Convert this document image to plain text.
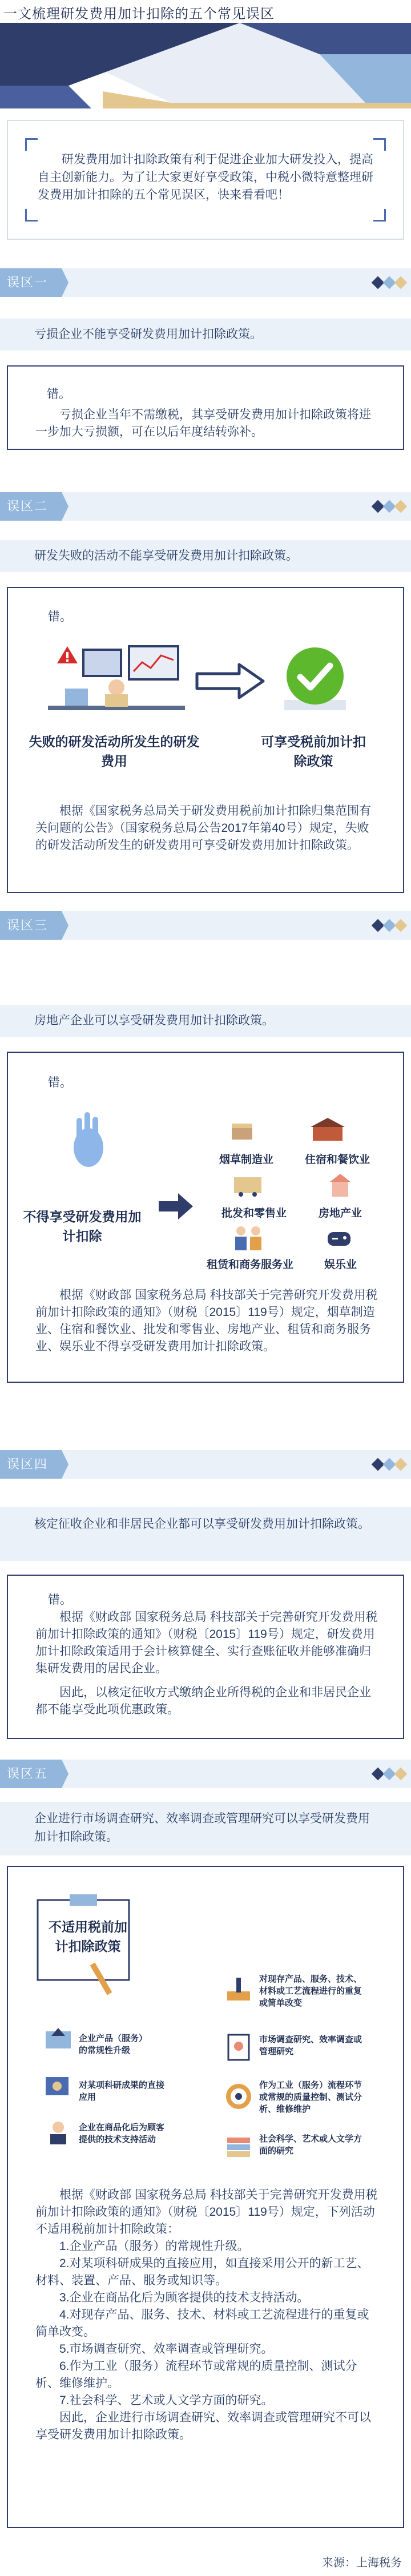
一文梳理研发费用加计扣除的五个常见误区
研发费用加计扣除政策有利于促进企业加大研发投入，提高自主创新能力。为了让大家更好享受政策，中税小微特意整理研发费用加计扣除的五个常见误区，快来看看吧！
误区一
亏损企业不能享受研发费用加计扣除政策。
错。
亏损企业当年不需缴税，其享受研发费用加计扣除政策将进一步加大亏损额，可在以后年度结转弥补。
误区二
研发失败的活动不能享受研发费用加计扣除政策。
错。
失败的研发活动所发生的研发费用
可享受税前加计扣除政策
根据《国家税务总局关于研发费用税前加计扣除归集范围有关问题的公告》（国家税务总局公告2017年第40号）规定，失败的研发活动所发生的研发费用可享受研发费用加计扣除政策。
误区三
房地产企业可以享受研发费用加计扣除政策。
错。
不得享受研发费用加计扣除
烟草制造业	住宿和餐饮业
批发和零售业	房地产业
租赁和商务服务业	娱乐业
根据《财政部 国家税务总局 科技部关于完善研究开发费用税前加计扣除政策的通知》（财税〔2015〕119号）规定，烟草制造业、住宿和餐饮业、批发和零售业、房地产业、租赁和商务服务业、娱乐业不得享受研发费用加计扣除政策。
误区四
核定征收企业和非居民企业都可以享受研发费用加计扣除政策。
错。
根据《财政部 国家税务总局 科技部关于完善研究开发费用税前加计扣除政策的通知》（财税〔2015〕119号）规定，研发费用加计扣除政策适用于会计核算健全、实行查账征收并能够准确归集研发费用的居民企业。
因此，以核定征收方式缴纳企业所得税的企业和非居民企业都不能享受此项优惠政策。
误区五
企业进行市场调查研究、效率调查或管理研究可以享受研发费用加计扣除政策。
不适用税前加计扣除政策
企业产品（服务）的常规性升级
对某项科研成果的直接应用
企业在商品化后为顾客提供的技术支持活动
对现存产品、服务、技术、材料或工艺流程进行的重复或简单改变
市场调查研究、效率调查或管理研究
作为工业（服务）流程环节或常规的质量控制、测试分析、维修维护
社会科学、艺术或人文学方面的研究
根据《财政部 国家税务总局 科技部关于完善研究开发费用税前加计扣除政策的通知》（财税〔2015〕119号）规定，下列活动不适用税前加计扣除政策：
1.企业产品（服务）的常规性升级。
2.对某项科研成果的直接应用，如直接采用公开的新工艺、材料、装置、产品、服务或知识等。
3.企业在商品化后为顾客提供的技术支持活动。
4.对现存产品、服务、技术、材料或工艺流程进行的重复或简单改变。
5.市场调查研究、效率调查或管理研究。
6.作为工业（服务）流程环节或常规的质量控制、测试分析、维修维护。
7.社会科学、艺术或人文学方面的研究。
因此，企业进行市场调查研究、效率调查或管理研究不可以享受研发费用加计扣除政策。
来源：上海税务
